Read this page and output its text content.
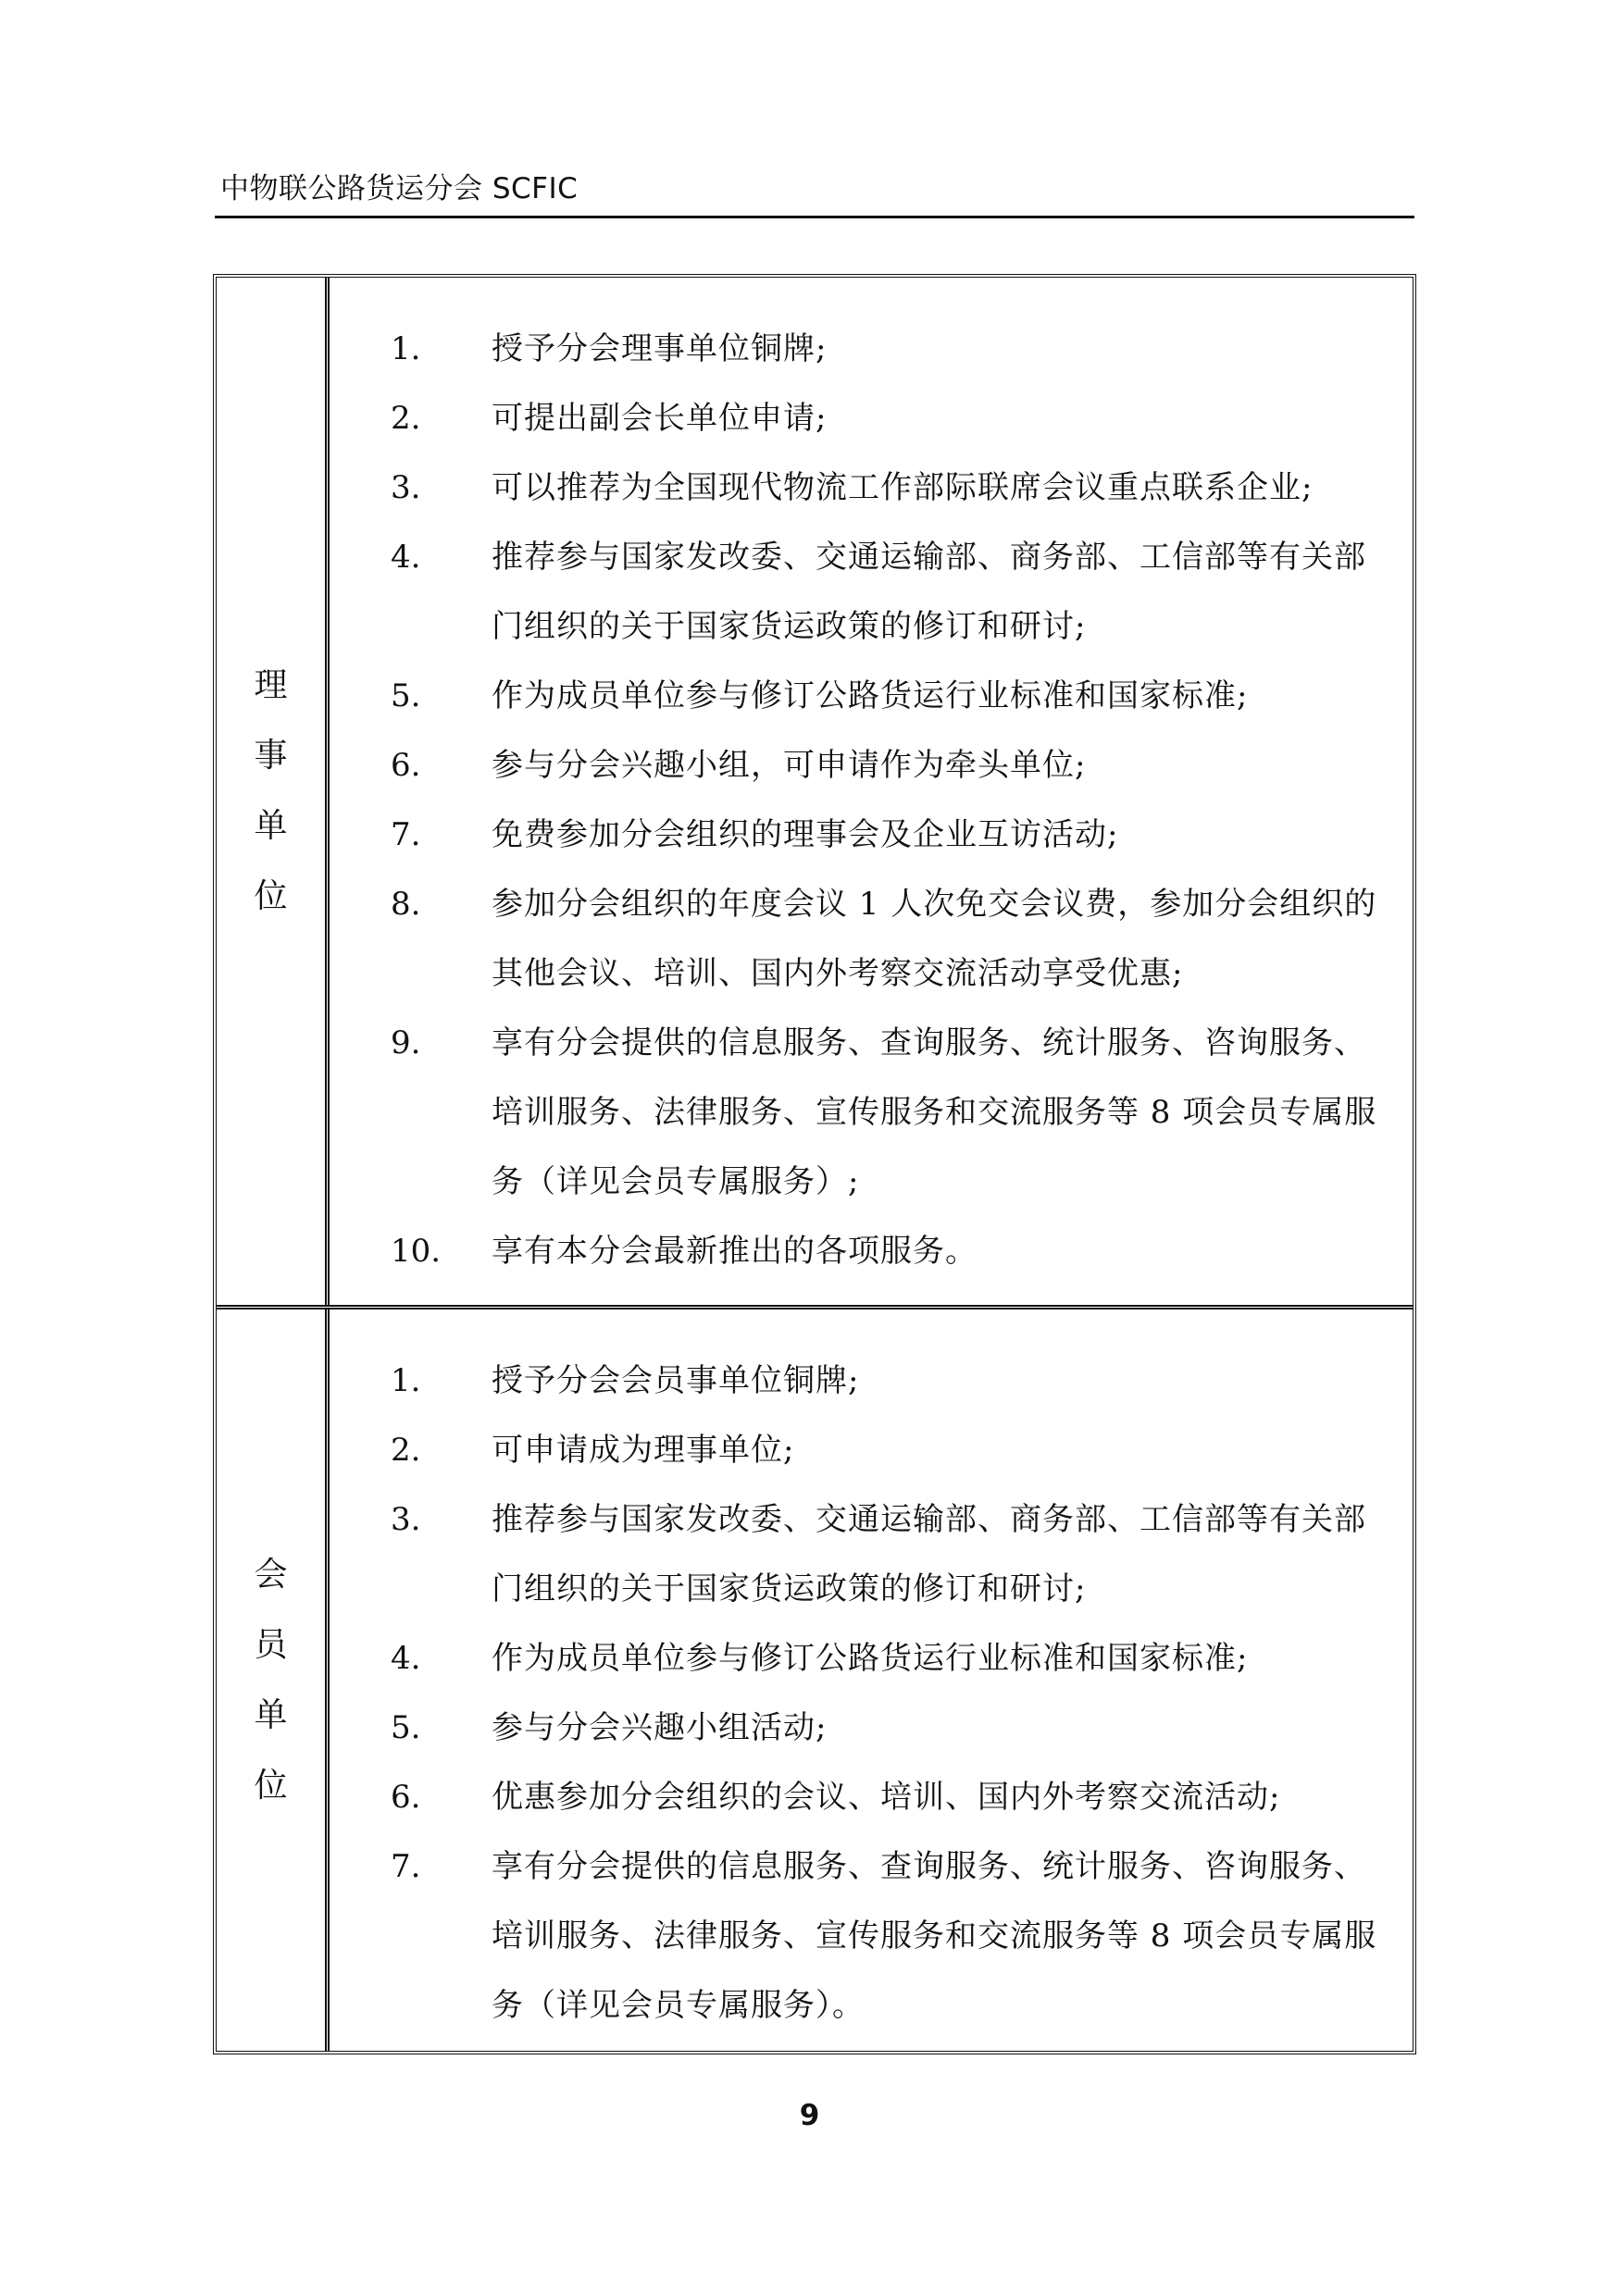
中物联公路货运分会 SCFIC
理事单位
1.	授予分会理事单位铜牌;
2.	可提出副会长单位申请;
3.	可以推荐为全国现代物流工作部际联席会议重点联系企业;
4.	推荐参与国家发改委、交通运输部、商务部、工信部等有关部门组织的关于国家货运政策的修订和研讨;
5.	作为成员单位参与修订公路货运行业标准和国家标准;
6.	参与分会兴趣小组，可申请作为牵头单位;
7.	免费参加分会组织的理事会及企业互访活动;
8.	参加分会组织的年度会议 1 人次免交会议费，参加分会组织的其他会议、培训、国内外考察交流活动享受优惠;
9.	享有分会提供的信息服务、查询服务、统计服务、咨询服务、培训服务、法律服务、宣传服务和交流服务等 8 项会员专属服务（详见会员专属服务）;
10.	享有本分会最新推出的各项服务。
会员单位
1.	授予分会会员事单位铜牌;
2.	可申请成为理事单位;
3.	推荐参与国家发改委、交通运输部、商务部、工信部等有关部门组织的关于国家货运政策的修订和研讨;
4.	作为成员单位参与修订公路货运行业标准和国家标准;
5.	参与分会兴趣小组活动;
6.	优惠参加分会组织的会议、培训、国内外考察交流活动;
7.	享有分会提供的信息服务、查询服务、统计服务、咨询服务、培训服务、法律服务、宣传服务和交流服务等 8 项会员专属服务（详见会员专属服务）。
9
